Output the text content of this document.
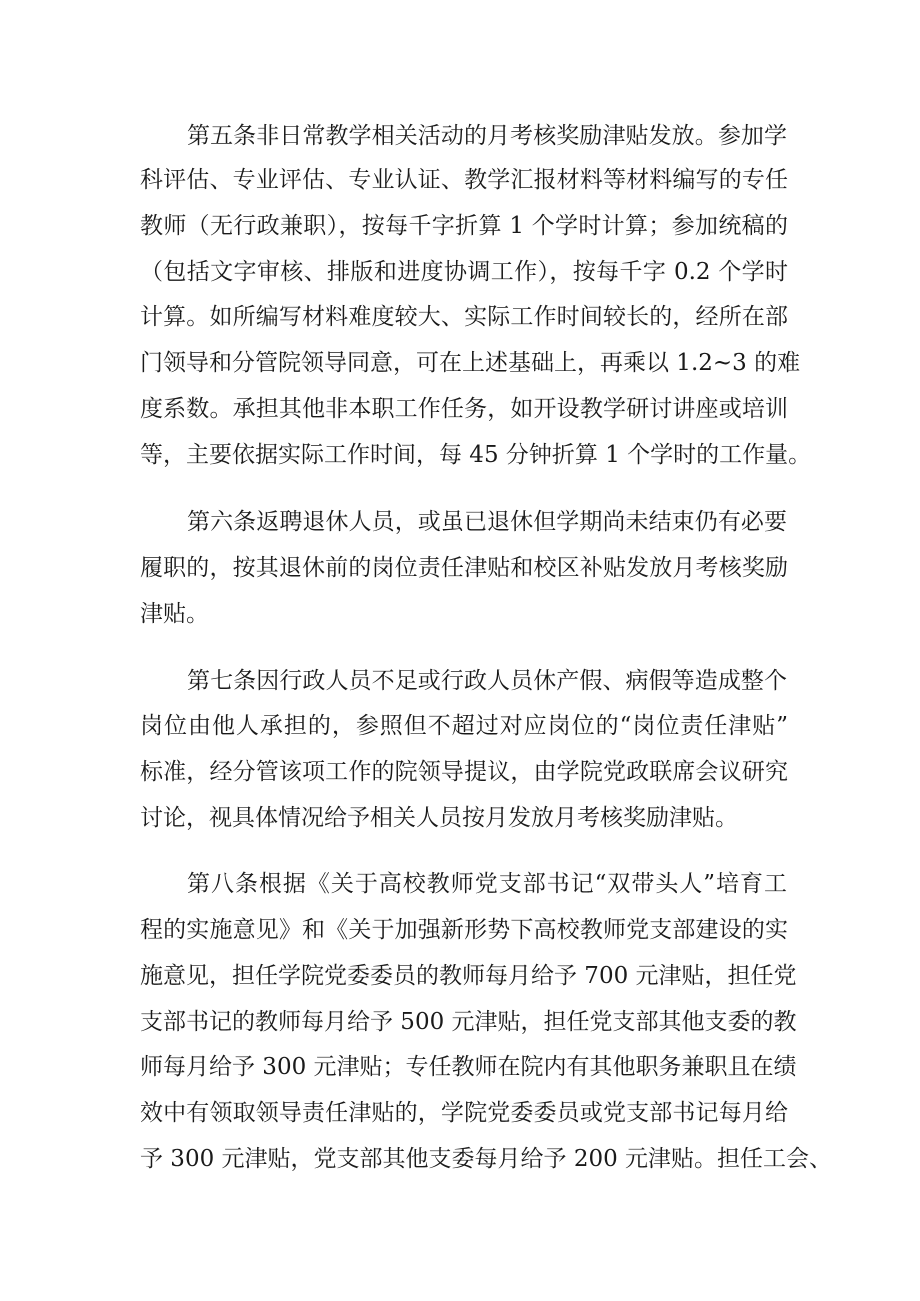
第五条非日常教学相关活动的月考核奖励津贴发放。参加学
科评估、专业评估、专业认证、教学汇报材料等材料编写的专任
教师（无行政兼职），按每千字折算 1 个学时计算；参加统稿的
（包括文字审核、排版和进度协调工作），按每千字 0.2 个学时
计算。如所编写材料难度较大、实际工作时间较长的，经所在部
门领导和分管院领导同意，可在上述基础上，再乘以 1.2~3 的难
度系数。承担其他非本职工作任务，如开设教学研讨讲座或培训
等，主要依据实际工作时间，每 45 分钟折算 1 个学时的工作量。
第六条返聘退休人员，或虽已退休但学期尚未结束仍有必要
履职的，按其退休前的岗位责任津贴和校区补贴发放月考核奖励
津贴。
第七条因行政人员不足或行政人员休产假、病假等造成整个
岗位由他人承担的，参照但不超过对应岗位的“岗位责任津贴”
标准，经分管该项工作的院领导提议，由学院党政联席会议研究
讨论，视具体情况给予相关人员按月发放月考核奖励津贴。
第八条根据《关于高校教师党支部书记“双带头人”培育工
程的实施意见》和《关于加强新形势下高校教师党支部建设的实
施意见，担任学院党委委员的教师每月给予 700 元津贴，担任党
支部书记的教师每月给予 500 元津贴，担任党支部其他支委的教
师每月给予 300 元津贴；专任教师在院内有其他职务兼职且在绩
效中有领取领导责任津贴的，学院党委委员或党支部书记每月给
予 300 元津贴，党支部其他支委每月给予 200 元津贴。担任工会、
